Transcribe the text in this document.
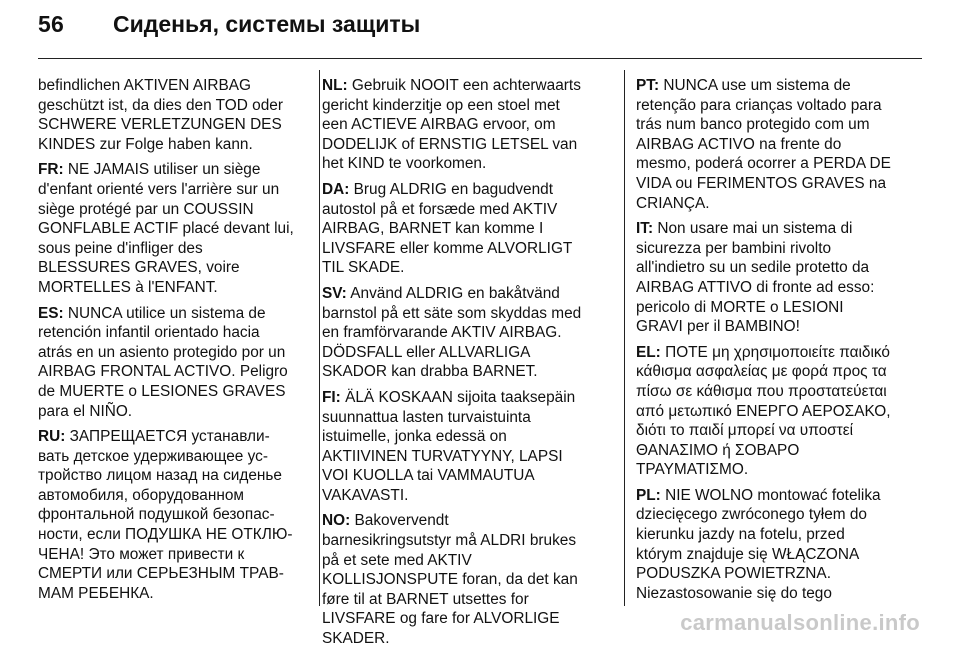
56 Сиденья, системы защиты
befindlichen AKTIVEN AIRBAG
geschützt ist, da dies den TOD oder
SCHWERE VERLETZUNGEN DES
KINDES zur Folge haben kann.
FR: NE JAMAIS utiliser un siège
d'enfant orienté vers l'arrière sur un
siège protégé par un COUSSIN
GONFLABLE ACTIF placé devant lui,
sous peine d'infliger des
BLESSURES GRAVES, voire
MORTELLES à l'ENFANT.
ES: NUNCA utilice un sistema de
retención infantil orientado hacia
atrás en un asiento protegido por un
AIRBAG FRONTAL ACTIVO. Peligro
de MUERTE o LESIONES GRAVES
para el NIÑO.
RU: ЗАПРЕЩАЕТСЯ устанавли-
вать детское удерживающее ус-
тройство лицом назад на сиденье
автомобиля, оборудованном
фронтальной подушкой безопас-
ности, если ПОДУШКА НЕ ОТКЛЮ-
ЧЕНА! Это может привести к
СМЕРТИ или СЕРЬЕЗНЫМ ТРАВ-
МАМ РЕБЕНКА.
NL: Gebruik NOOIT een achterwaarts
gericht kinderzitje op een stoel met
een ACTIEVE AIRBAG ervoor, om
DODELIJK of ERNSTIG LETSEL van
het KIND te voorkomen.
DA: Brug ALDRIG en bagudvendt
autostol på et forsæde med AKTIV
AIRBAG, BARNET kan komme I
LIVSFARE eller komme ALVORLIGT
TIL SKADE.
SV: Använd ALDRIG en bakåtvänd
barnstol på ett säte som skyddas med
en framförvarande AKTIV AIRBAG.
DÖDSFALL eller ALLVARLIGA
SKADOR kan drabba BARNET.
FI: ÄLÄ KOSKAAN sijoita taaksepäin
suunnattua lasten turvaistuinta
istuimelle, jonka edessä on
AKTIIVINEN TURVATYYNY, LAPSI
VOI KUOLLA tai VAMMAUTUA
VAKAVASTI.
NO: Bakovervendt
barnesikringsutstyr må ALDRI brukes
på et sete med AKTIV
KOLLISJONSPUTE foran, da det kan
føre til at BARNET utsettes for
LIVSFARE og fare for ALVORLIGE
SKADER.
PT: NUNCA use um sistema de
retenção para crianças voltado para
trás num banco protegido com um
AIRBAG ACTIVO na frente do
mesmo, poderá ocorrer a PERDA DE
VIDA ou FERIMENTOS GRAVES na
CRIANÇA.
IT: Non usare mai un sistema di
sicurezza per bambini rivolto
all'indietro su un sedile protetto da
AIRBAG ATTIVO di fronte ad esso:
pericolo di MORTE o LESIONI
GRAVI per il BAMBINO!
EL: ΠΟΤΕ μη χρησιμοποιείτε παιδικό
κάθισμα ασφαλείας με φορά προς τα
πίσω σε κάθισμα που προστατεύεται
από μετωπικό ΕΝΕΡΓΟ ΑΕΡΟΣΑΚΟ,
διότι το παιδί μπορεί να υποστεί
ΘΑΝΑΣΙΜΟ ή ΣΟΒΑΡΟ
ΤΡΑΥΜΑΤΙΣΜΟ.
PL: NIE WOLNO montować fotelika
dziecięcego zwróconego tyłem do
kierunku jazdy na fotelu, przed
którym znajduje się WŁĄCZONA
PODUSZKA POWIETRZNA.
Niezastosowanie się do tego
carmanualsonline.info
